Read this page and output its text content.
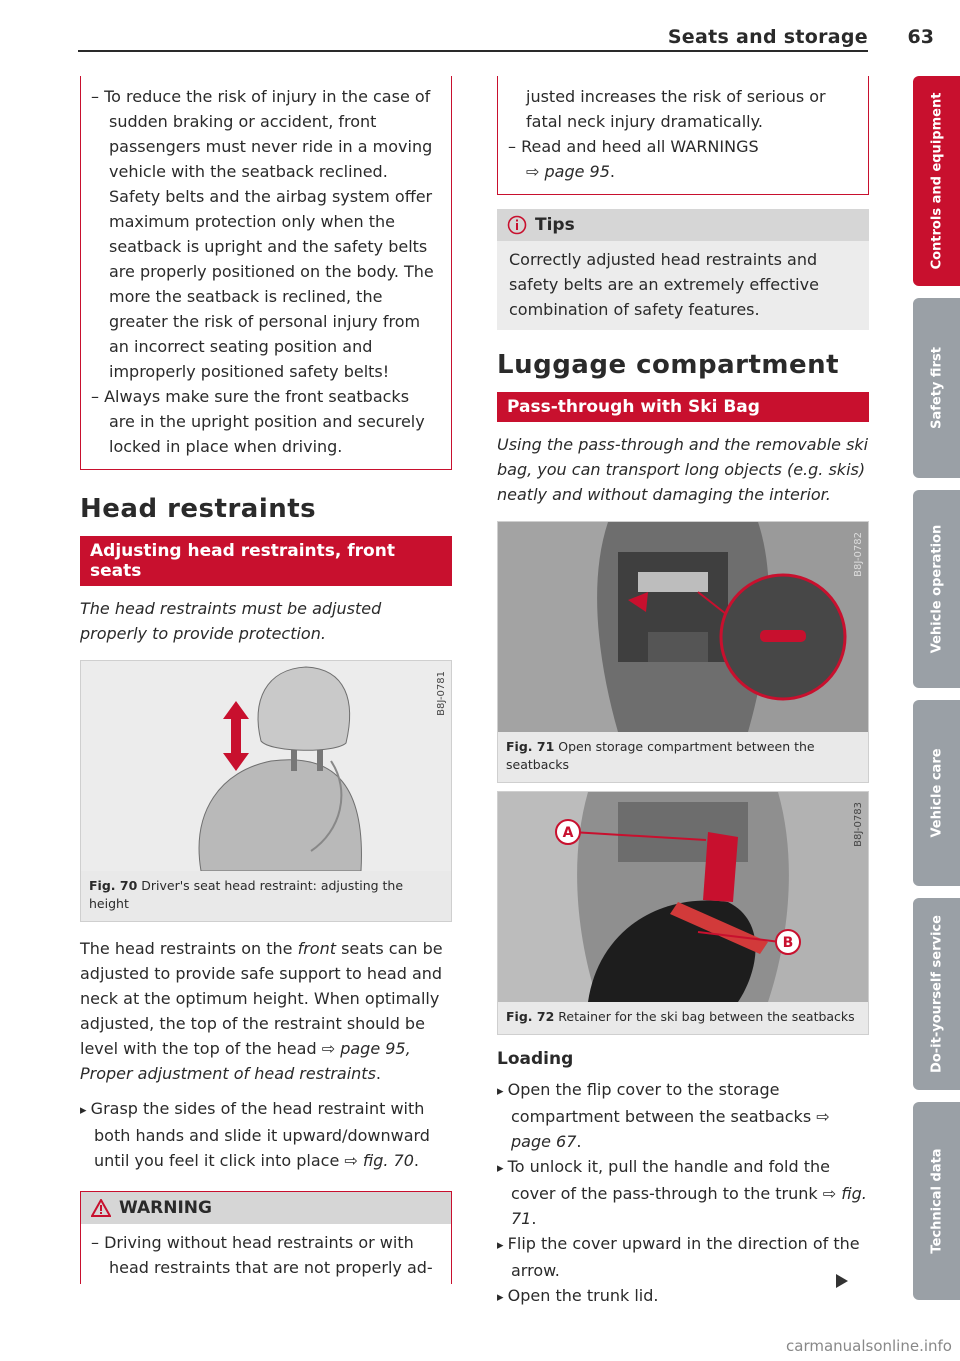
Seats and storage 63
– To reduce the risk of injury in the case of sudden braking or accident, front passengers must never ride in a moving vehicle with the seatback reclined. Safety belts and the airbag system offer maximum protection only when the seatback is upright and the safety belts are properly positioned on the body. The more the seatback is reclined, the greater the risk of personal injury from an incorrect seating position and improperly positioned safety belts!
– Always make sure the front seatbacks are in the upright position and securely locked in place when driving.
Head restraints
Adjusting head restraints, front seats

The head restraints must be adjusted properly to provide protection.

B8J-0781
Fig. 70 Driver's seat head restraint: adjusting the height

The head restraints on the front seats can be adjusted to provide safe support to head and neck at the optimum height. When optimally adjusted, the top of the restraint should be level with the top of the head ⇨ page 95, Proper adjustment of head restraints.

▸ Grasp the sides of the head restraint with both hands and slide it upward/downward until you feel it click into place ⇨ fig. 70.
WARNING
– Driving without head restraints or with head restraints that are not properly ad-

justed increases the risk of serious or fatal neck injury dramatically.

– Read and heed all WARNINGS
⇨ page 95.
Tips

Correctly adjusted head restraints and safety belts are an extremely effective combination of safety features.

Luggage compartment
Pass-through with Ski Bag

Using the pass-through and the removable ski bag, you can transport long objects (e.g. skis) neatly and without damaging the interior.

B8J-0782
Fig. 71 Open storage compartment between the seatbacks
A
B
B8J-0783
Fig. 72 Retainer for the ski bag between the seatbacks
Loading
▸ Open the flip cover to the storage compartment between the seatbacks ⇨ page 67.
▸ To unlock it, pull the handle and fold the cover of the pass-through to the trunk ⇨ fig. 71.
▸ Flip the cover upward in the direction of the arrow.
▸ Open the trunk lid.
Controls and equipment
Safety first
Vehicle operation
Vehicle care
Do-it-yourself service
Technical data
carmanualsonline.info
